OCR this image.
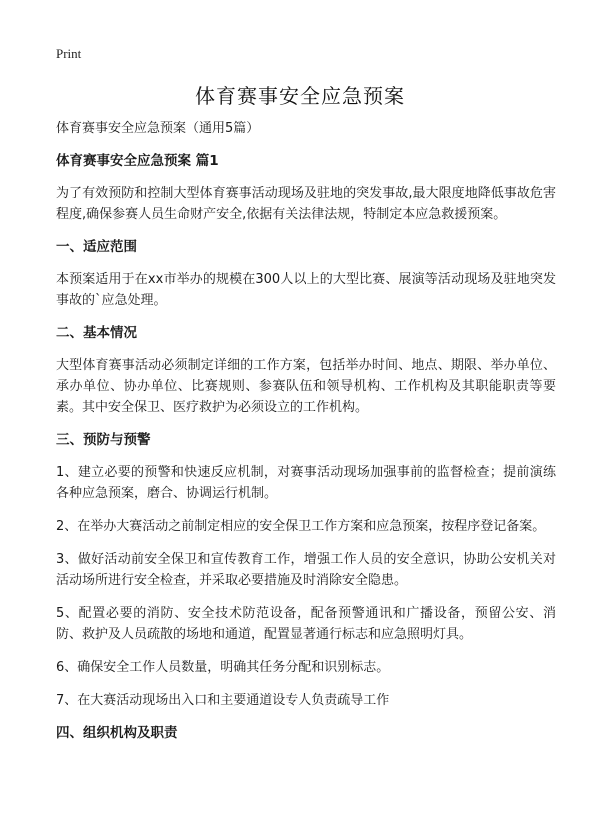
Print
体育赛事安全应急预案

体育赛事安全应急预案（通用5篇）

体育赛事安全应急预案 篇1

为了有效预防和控制大型体育赛事活动现场及驻地的突发事故,最大限度地降低事故危害程度,确保参赛人员生命财产安全,依据有关法律法规，特制定本应急救援预案。

一、适应范围

本预案适用于在xx市举办的规模在300人以上的大型比赛、展演等活动现场及驻地突发事故的`应急处理。

二、基本情况

大型体育赛事活动必须制定详细的工作方案，包括举办时间、地点、期限、举办单位、承办单位、协办单位、比赛规则、参赛队伍和领导机构、工作机构及其职能职责等要素。其中安全保卫、医疗救护为必须设立的工作机构。

三、预防与预警

1、建立必要的预警和快速反应机制，对赛事活动现场加强事前的监督检查；提前演练各种应急预案，磨合、协调运行机制。

2、在举办大赛活动之前制定相应的安全保卫工作方案和应急预案，按程序登记备案。

3、做好活动前安全保卫和宣传教育工作，增强工作人员的安全意识，协助公安机关对活动场所进行安全检查，并采取必要措施及时消除安全隐患。

5、配置必要的消防、安全技术防范设备，配备预警通讯和广播设备，预留公安、消防、救护及人员疏散的场地和通道，配置显著通行标志和应急照明灯具。

6、确保安全工作人员数量，明确其任务分配和识别标志。

7、在大赛活动现场出入口和主要通道设专人负责疏导工作

四、组织机构及职责
